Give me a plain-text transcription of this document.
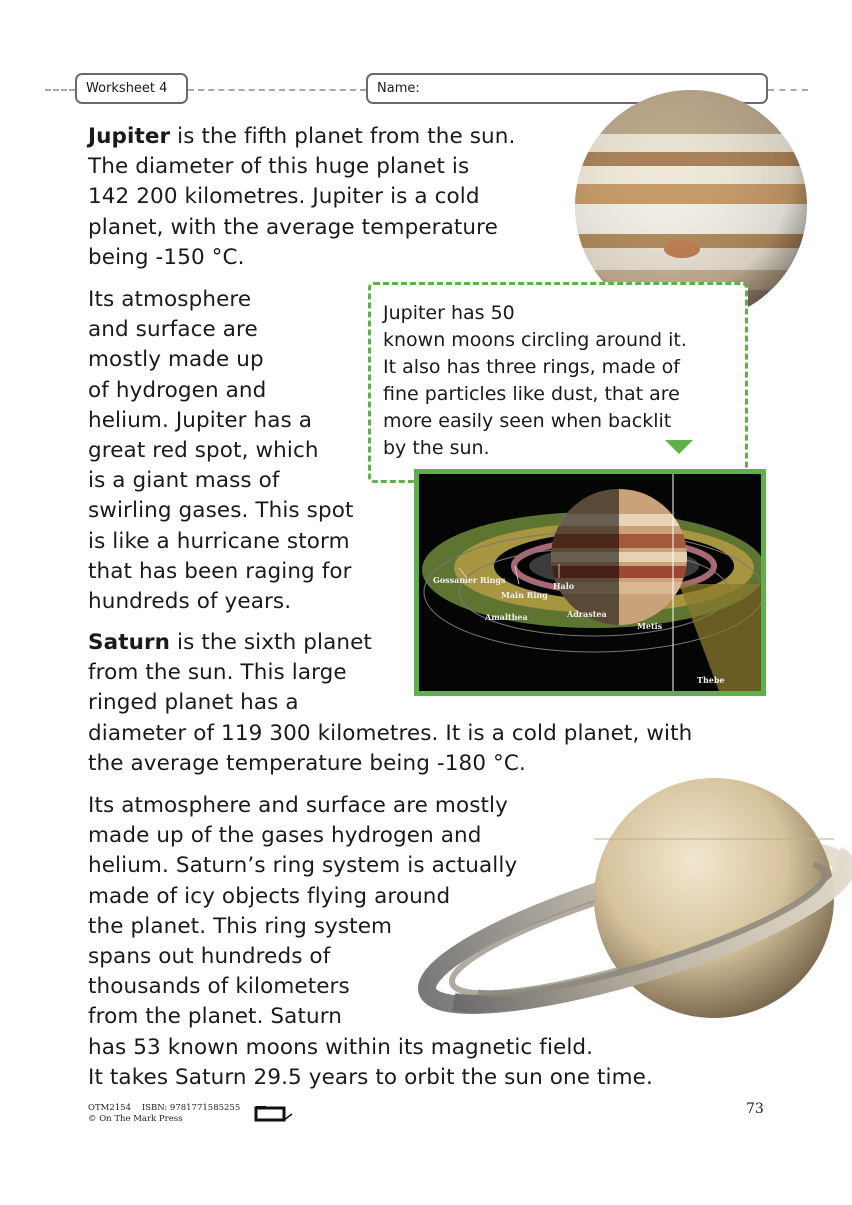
Worksheet 4	Name:

Jupiter is the fifth planet from the sun.
The diameter of this huge planet is
142 200 kilometres. Jupiter is a cold
planet, with the average temperature
being -150 °C.

Its atmosphere
and surface are
mostly made up
of hydrogen and
helium. Jupiter has a
great red spot, which
is a giant mass of
swirling gases. This spot
is like a hurricane storm
that has been raging for
hundreds of years.

Jupiter has 50

known moons circling around it.

It also has three rings, made of

fine particles like dust, that are

more easily seen when backlit

by the sun.

Gossamer Rings
Main Ring
Halo
Amalthea	Adrastea
Metis
Thebe

Saturn is the sixth planet
from the sun. This large
ringed planet has a
diameter of 119 300 kilometres. It is a cold planet, with
the average temperature being -180 °C.

Its atmosphere and surface are mostly
made up of the gases hydrogen and
helium. Saturn’s ring system is actually
made of icy objects flying around
the planet. This ring system
spans out hundreds of
thousands of kilometers
from the planet. Saturn
has 53 known moons within its magnetic field.
It takes Saturn 29.5 years to orbit the sun one time.

OTM2154 ISBN: 9781771585255
© On The Mark Press
73
